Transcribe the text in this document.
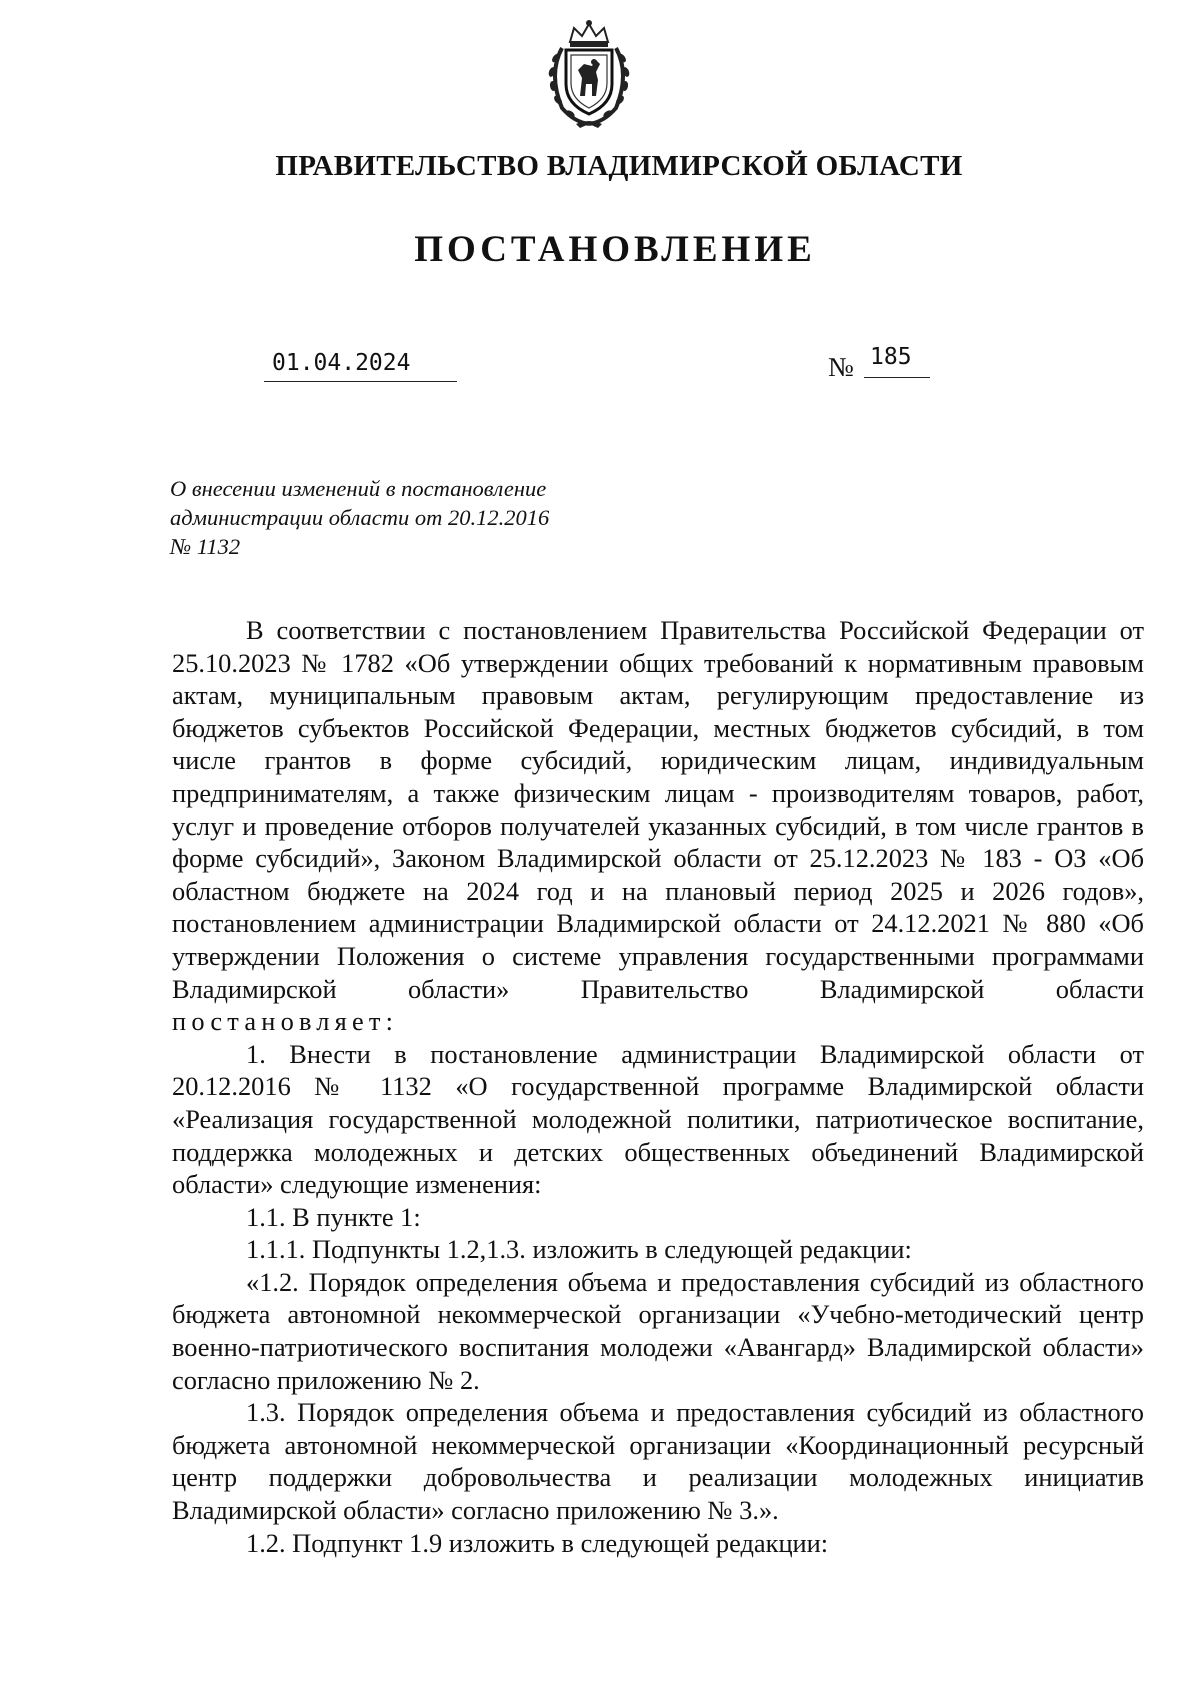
ПРАВИТЕЛЬСТВО ВЛАДИМИРСКОЙ ОБЛАСТИ
ПОСТАНОВЛЕНИЕ
01.04.2024	№ 185
О внесении изменений в постановление
администрации области от 20.12.2016
№ 1132

В соответствии с постановлением Правительства Российской Федерации от 25.10.2023 № 1782 «Об утверждении общих требований к нормативным правовым актам, муниципальным правовым актам, регулирующим предоставление из бюджетов субъектов Российской Федерации, местных бюджетов субсидий, в том числе грантов в форме субсидий, юридическим лицам, индивидуальным предпринимателям, а также физическим лицам - производителям товаров, работ, услуг и проведение отборов получателей указанных субсидий, в том числе грантов в форме субсидий», Законом Владимирской области от 25.12.2023 № 183 - ОЗ «Об областном бюджете на 2024 год и на плановый период 2025 и 2026 годов», постановлением администрации Владимирской области от 24.12.2021 № 880 «Об утверждении Положения о системе управления государственными программами Владимирской области» Правительство Владимирской области

постановляет:

1. Внести в постановление администрации Владимирской области от 20.12.2016 № 1132 «О государственной программе Владимирской области «Реализация государственной молодежной политики, патриотическое воспитание, поддержка молодежных и детских общественных объединений Владимирской области» следующие изменения:

1.1. В пункте 1:

1.1.1. Подпункты 1.2,1.3. изложить в следующей редакции:

«1.2. Порядок определения объема и предоставления субсидий из областного бюджета автономной некоммерческой организации «Учебно-методический центр военно-патриотического воспитания молодежи «Авангард» Владимирской области» согласно приложению № 2.

1.3. Порядок определения объема и предоставления субсидий из областного бюджета автономной некоммерческой организации «Координационный ресурсный центр поддержки добровольчества и реализации молодежных инициатив Владимирской области» согласно приложению № 3.».

1.2. Подпункт 1.9 изложить в следующей редакции:
